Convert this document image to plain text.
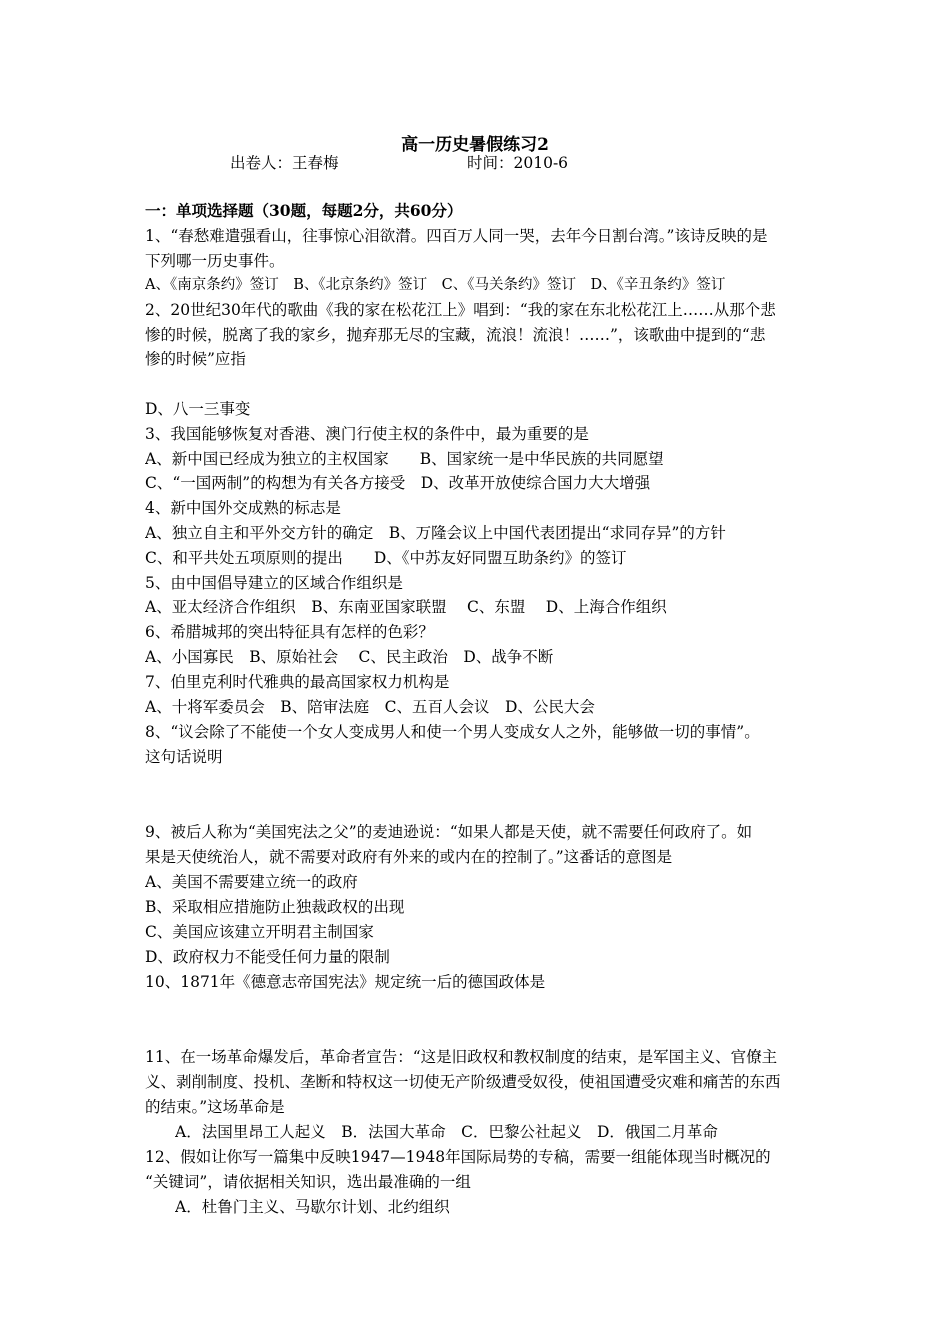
高一历史暑假练习2
出卷人：王春梅	时间：2010-6
一：单项选择题（30题，每题2分，共60分）
1、“春愁难遣强看山，往事惊心泪欲潸。四百万人同一哭，去年今日割台湾。”该诗反映的是
下列哪一历史事件。
A、《南京条约》签订　B、《北京条约》签订　C、《马关条约》签订　D、《辛丑条约》签订
2、20世纪30年代的歌曲《我的家在松花江上》唱到：“我的家在东北松花江上……从那个悲
惨的时候，脱离了我的家乡，抛弃那无尽的宝藏，流浪！流浪！……”，该歌曲中提到的“悲
惨的时候”应指
D、八一三事变
3、我国能够恢复对香港、澳门行使主权的条件中，最为重要的是
A、新中国已经成为独立的主权国家　　B、国家统一是中华民族的共同愿望
C、“一国两制”的构想为有关各方接受　D、改革开放使综合国力大大增强
4、新中国外交成熟的标志是
A、独立自主和平外交方针的确定　B、万隆会议上中国代表团提出“求同存异”的方针
C、和平共处五项原则的提出　　D、《中苏友好同盟互助条约》的签订
5、由中国倡导建立的区域合作组织是
A、亚太经济合作组织　B、东南亚国家联盟　 C、东盟　 D、上海合作组织
6、希腊城邦的突出特征具有怎样的色彩？
A、小国寡民　B、原始社会　 C、民主政治　D、战争不断
7、伯里克利时代雅典的最高国家权力机构是
A、十将军委员会　B、陪审法庭　C、五百人会议　D、公民大会
8、“议会除了不能使一个女人变成男人和使一个男人变成女人之外，能够做一切的事情”。
这句话说明
9、被后人称为“美国宪法之父”的麦迪逊说：“如果人都是天使，就不需要任何政府了。如
果是天使统治人，就不需要对政府有外来的或内在的控制了。”这番话的意图是
A、美国不需要建立统一的政府
B、采取相应措施防止独裁政权的出现
C、美国应该建立开明君主制国家
D、政府权力不能受任何力量的限制
10、1871年《德意志帝国宪法》规定统一后的德国政体是
11、在一场革命爆发后，革命者宣告：“这是旧政权和教权制度的结束，是军国主义、官僚主
义、剥削制度、投机、垄断和特权这一切使无产阶级遭受奴役，使祖国遭受灾难和痛苦的东西
的结束。”这场革命是
A．法国里昂工人起义　B．法国大革命　C．巴黎公社起义　D．俄国二月革命
12、假如让你写一篇集中反映1947—1948年国际局势的专稿，需要一组能体现当时概况的
“关键词”，请依据相关知识，选出最准确的一组
A．杜鲁门主义、马歇尔计划、北约组织
